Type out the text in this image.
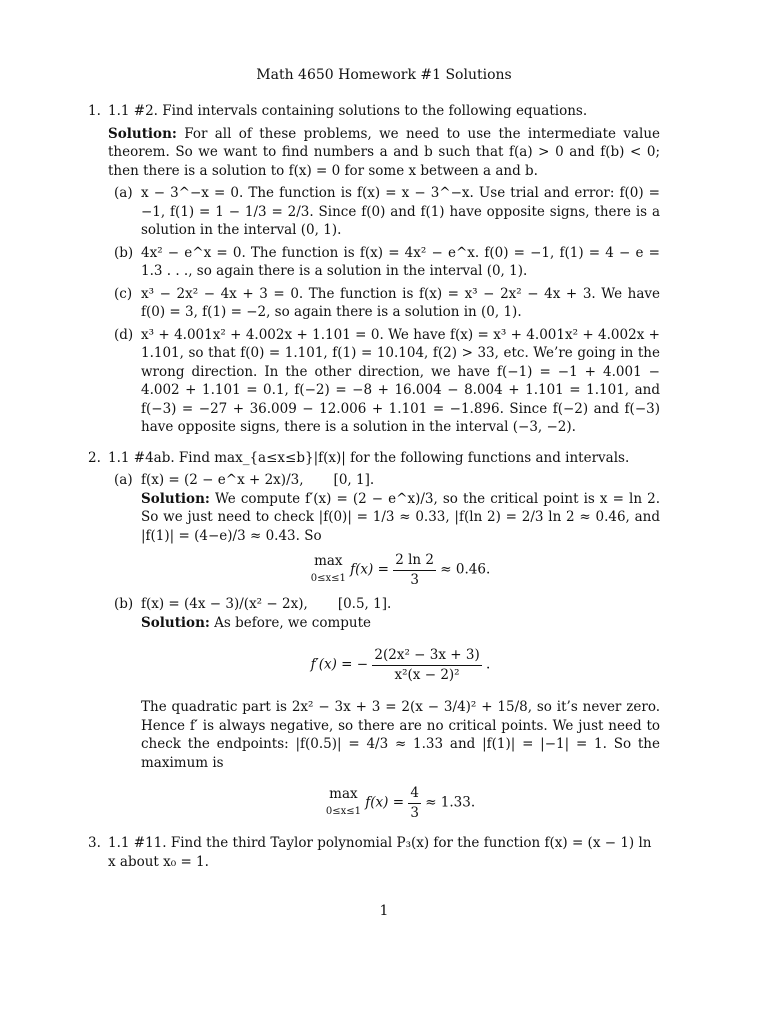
Math 4650 Homework #1 Solutions
1. 1.1 #2. Find intervals containing solutions to the following equations.
Solution: For all of these problems, we need to use the intermediate value theorem. So we want to find numbers a and b such that f(a) > 0 and f(b) < 0; then there is a solution to f(x) = 0 for some x between a and b.
(a) x − 3^−x = 0. The function is f(x) = x − 3^−x. Use trial and error: f(0) = −1, f(1) = 1 − 1/3 = 2/3. Since f(0) and f(1) have opposite signs, there is a solution in the interval (0, 1).
(b) 4x² − e^x = 0. The function is f(x) = 4x² − e^x. f(0) = −1, f(1) = 4 − e = 1.3 . . ., so again there is a solution in the interval (0, 1).
(c) x³ − 2x² − 4x + 3 = 0. The function is f(x) = x³ − 2x² − 4x + 3. We have f(0) = 3, f(1) = −2, so again there is a solution in (0, 1).
(d) x³ + 4.001x² + 4.002x + 1.101 = 0. We have f(x) = x³ + 4.001x² + 4.002x + 1.101, so that f(0) = 1.101, f(1) = 10.104, f(2) > 33, etc. We’re going in the wrong direction. In the other direction, we have f(−1) = −1 + 4.001 − 4.002 + 1.101 = 0.1, f(−2) = −8 + 16.004 − 8.004 + 1.101 = 1.101, and f(−3) = −27 + 36.009 − 12.006 + 1.101 = −1.896. Since f(−2) and f(−3) have opposite signs, there is a solution in the interval (−3, −2).
2. 1.1 #4ab. Find max_{a≤x≤b}|f(x)| for the following functions and intervals.
(a) f(x) = (2 − e^x + 2x)/3, [0, 1].
Solution: We compute f′(x) = (2 − e^x)/3, so the critical point is x = ln 2. So we just need to check |f(0)| = 1/3 ≈ 0.33, |f(ln 2) = 2/3 ln 2 ≈ 0.46, and |f(1)| = (4−e)/3 ≈ 0.43. So
max
0≤x≤1
$f(x) = \frac{2 \ln 2}{3} \approx 0.46$.
(b) f(x) = (4x − 3)/(x² − 2x), [0.5, 1].
Solution: As before, we compute
f′(x) = − $\frac{\text{2(2x² − 3x + 3)}}{\text{x²(x − 2)²}}$ .
The quadratic part is 2x² − 3x + 3 = 2(x − 3/4)² + 15/8, so it’s never zero. Hence f′ is always negative, so there are no critical points. We just need to check the endpoints: |f(0.5)| = 4/3 ≈ 1.33 and |f(1)| = |−1| = 1. So the maximum is
max
0≤x≤1
$f(x) = \frac{4}{3} \approx 1.33$.
3. 1.1 #11. Find the third Taylor polynomial P₃(x) for the function f(x) = (x − 1) ln x about x₀ = 1.
1
